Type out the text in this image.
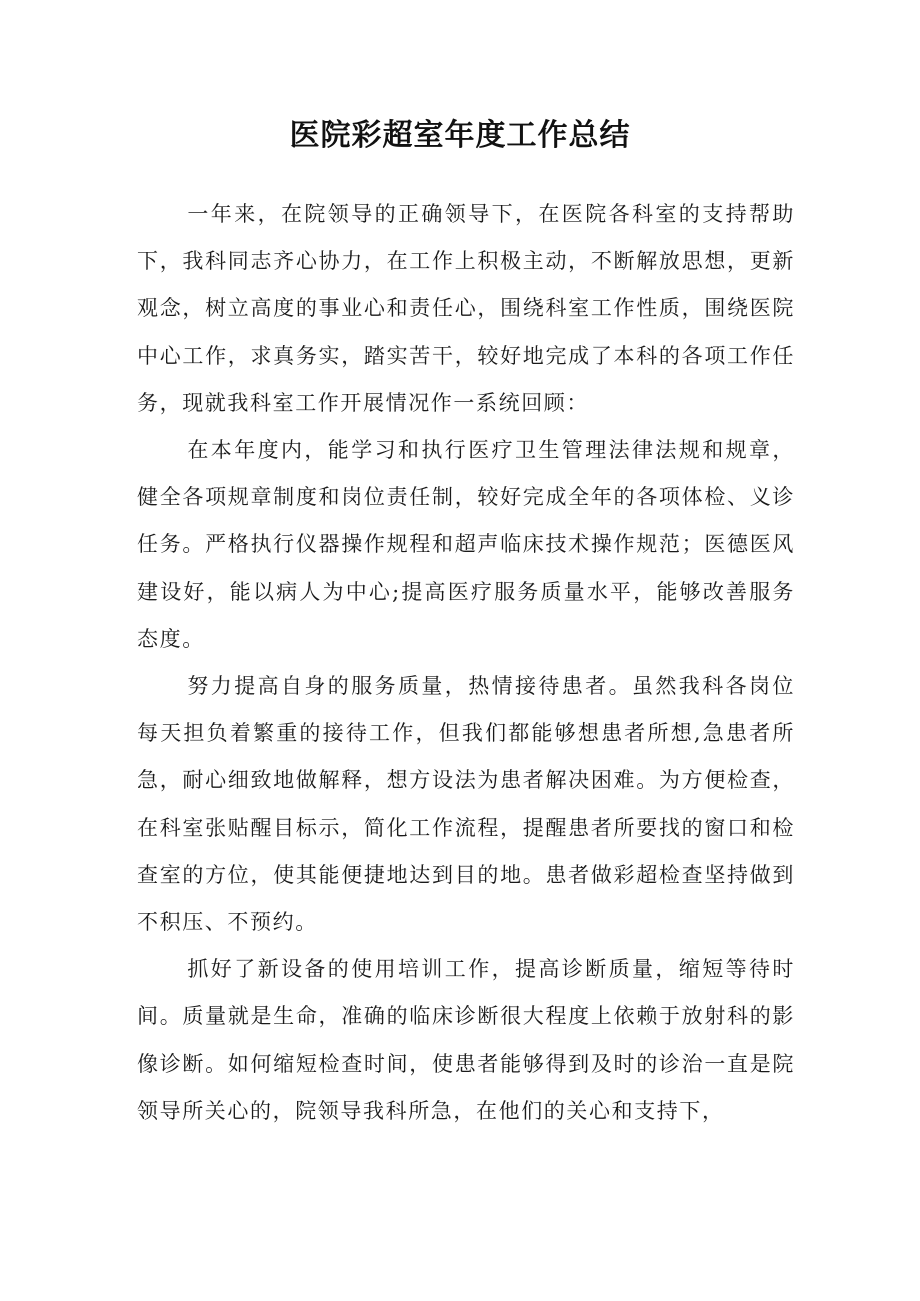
医院彩超室年度工作总结

一年来，在院领导的正确领导下，在医院各科室的支持帮助下，我科同志齐心协力，在工作上积极主动，不断解放思想，更新观念，树立高度的事业心和责任心，围绕科室工作性质，围绕医院中心工作，求真务实，踏实苦干，较好地完成了本科的各项工作任务，现就我科室工作开展情况作一系统回顾：

在本年度内，能学习和执行医疗卫生管理法律法规和规章，健全各项规章制度和岗位责任制，较好完成全年的各项体检、义诊任务。严格执行仪器操作规程和超声临床技术操作规范；医德医风建设好，能以病人为中心;提高医疗服务质量水平，能够改善服务态度。

努力提高自身的服务质量，热情接待患者。虽然我科各岗位每天担负着繁重的接待工作，但我们都能够想患者所想,急患者所急，耐心细致地做解释，想方设法为患者解决困难。为方便检查，在科室张贴醒目标示，简化工作流程，提醒患者所要找的窗口和检查室的方位，使其能便捷地达到目的地。患者做彩超检查坚持做到不积压、不预约。

抓好了新设备的使用培训工作，提高诊断质量，缩短等待时间。质量就是生命，准确的临床诊断很大程度上依赖于放射科的影像诊断。如何缩短检查时间，使患者能够得到及时的诊治一直是院领导所关心的，院领导我科所急，在他们的关心和支持下，
